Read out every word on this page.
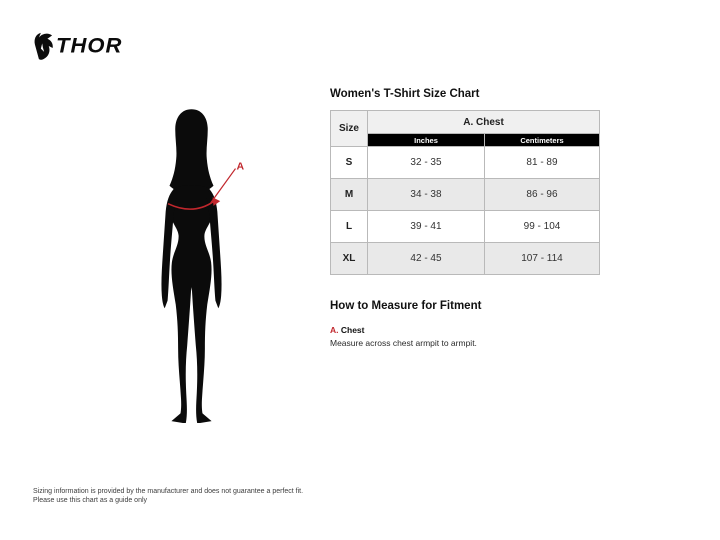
THOR
A
Women's T-Shirt Size Chart
Size	A. Chest	
	Inches	Centimeters
S	32 - 35	81 - 89
M	34 - 38	86 - 96
L	39 - 41	99 - 104
XL	42 - 45	107 - 114
How to Measure for Fitment
A. Chest
Measure across chest armpit to armpit.
Sizing information is provided by the manufacturer and does not guarantee a perfect fit.
Please use this chart as a guide only
